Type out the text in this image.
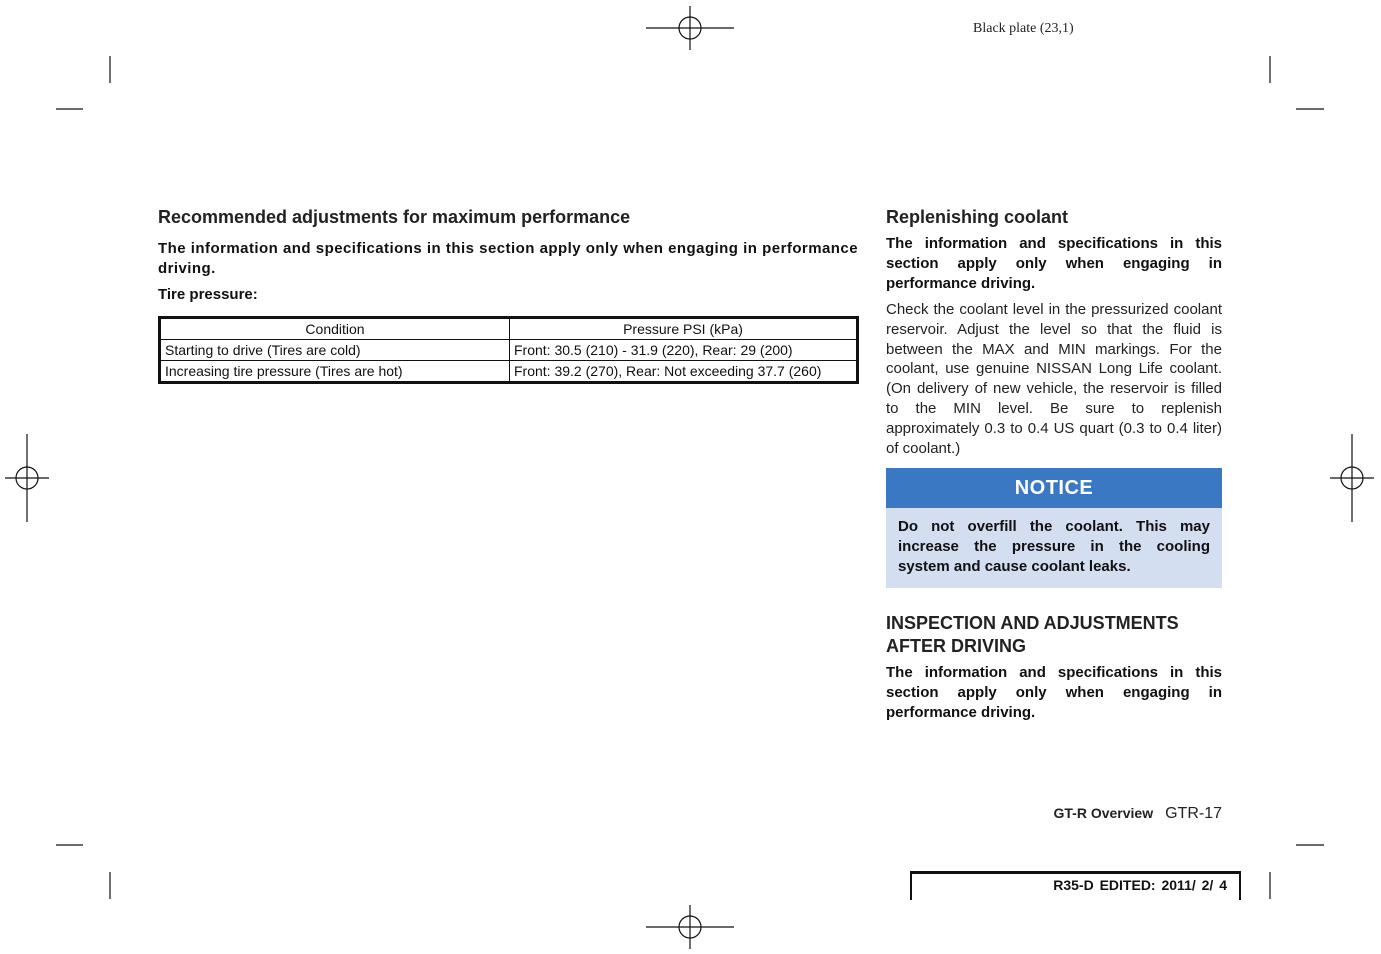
Black plate (23,1)
Recommended adjustments for maximum performance

The information and specifications in this section apply only when engaging in performance driving.

Tire pressure:
Condition	Pressure PSI (kPa)
Starting to drive (Tires are cold)	Front: 30.5 (210) - 31.9 (220), Rear: 29 (200)
Increasing tire pressure (Tires are hot)	Front: 39.2 (270), Rear: Not exceeding 37.7 (260)
Replenishing coolant

The information and specifications in this section apply only when engaging in performance driving.

Check the coolant level in the pressurized coolant reservoir. Adjust the level so that the fluid is between the MAX and MIN markings. For the coolant, use genuine NISSAN Long Life coolant. (On delivery of new vehicle, the reservoir is filled to the MIN level. Be sure to replenish approximately 0.3 to 0.4 US quart (0.3 to 0.4 liter) of coolant.)

NOTICE
Do not overfill the coolant. This may increase the pressure in the cooling system and cause coolant leaks.
INSPECTION AND ADJUSTMENTS
AFTER DRIVING

The information and specifications in this section apply only when engaging in performance driving.

GT-R Overview GTR-17
R35-D EDITED: 2011/ 2/ 4
